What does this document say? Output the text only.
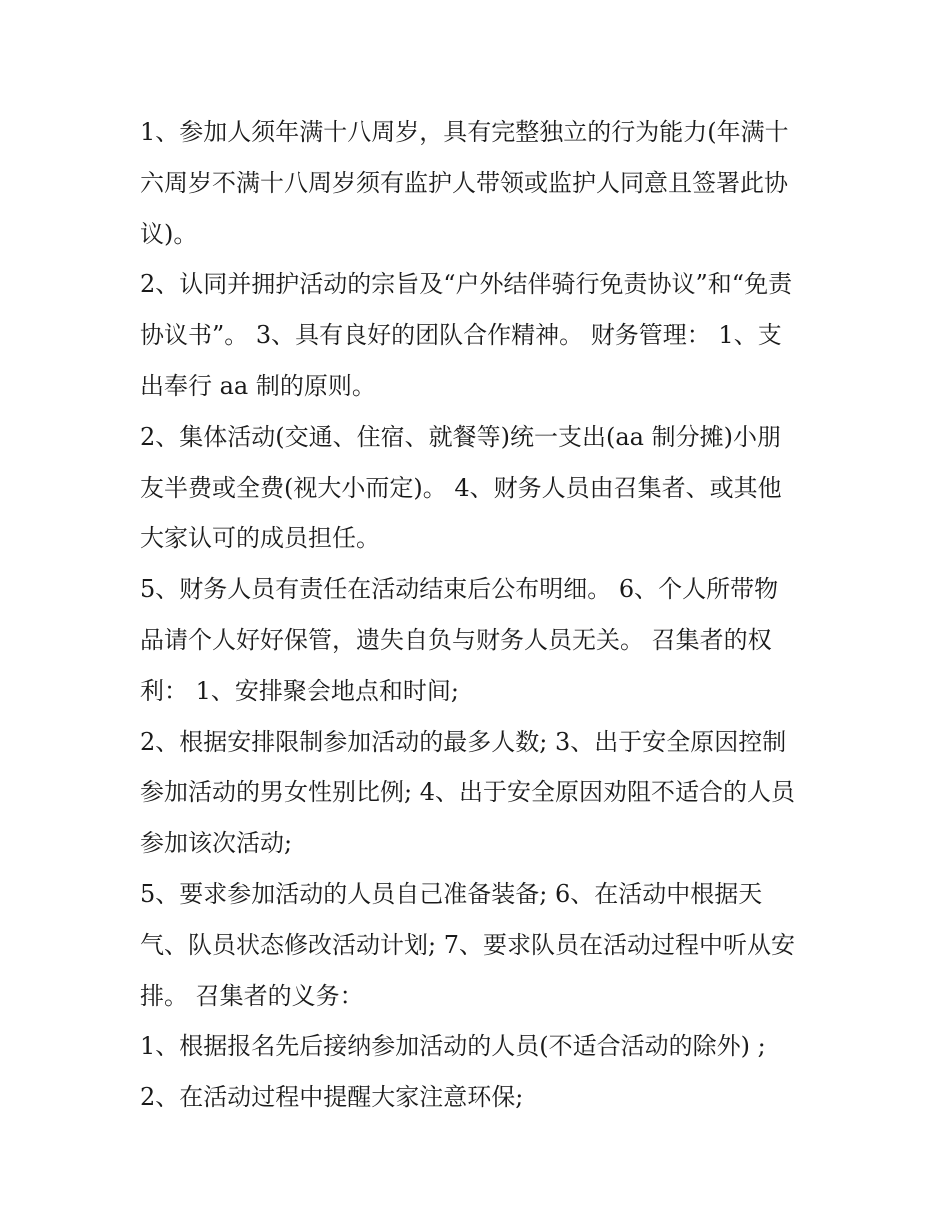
1、参加人须年满十八周岁，具有完整独立的行为能力(年满十

六周岁不满十八周岁须有监护人带领或监护人同意且签署此协

议)。

2、认同并拥护活动的宗旨及“户外结伴骑行免责协议”和“免责

协议书”。 3、具有良好的团队合作精神。 财务管理： 1、支

出奉行 aa 制的原则。

2、集体活动(交通、住宿、就餐等)统一支出(aa 制分摊)小朋

友半费或全费(视大小而定)。 4、财务人员由召集者、或其他

大家认可的成员担任。

5、财务人员有责任在活动结束后公布明细。 6、个人所带物

品请个人好好保管，遗失自负与财务人员无关。 召集者的权

利： 1、安排聚会地点和时间;

2、根据安排限制参加活动的最多人数; 3、出于安全原因控制

参加活动的男女性别比例; 4、出于安全原因劝阻不适合的人员

参加该次活动;

5、要求参加活动的人员自己准备装备; 6、在活动中根据天

气、队员状态修改活动计划; 7、要求队员在活动过程中听从安

排。 召集者的义务：

1、根据报名先后接纳参加活动的人员(不适合活动的除外) ;

2、在活动过程中提醒大家注意环保;
